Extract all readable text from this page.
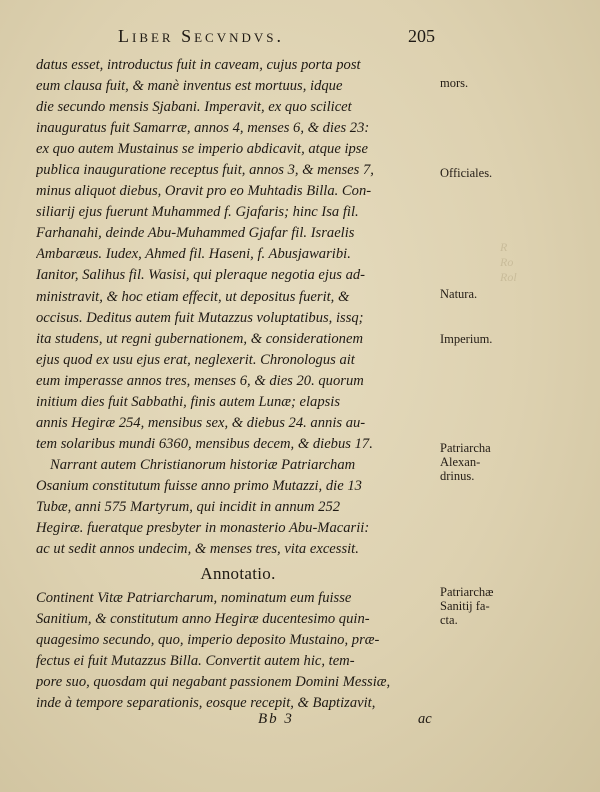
Liber Secvndvs.	205
R
Ro
Rol
datus esset, introductus fuit in caveam, cujus porta post
eum clausa fuit, & manè inventus est mortuus, idque
die secundo mensis Sjabani. Imperavit, ex quo scilicet
inauguratus fuit Samarræ, annos 4, menses 6, & dies 23:
ex quo autem Mustainus se imperio abdicavit, atque ipse
publica inauguratione receptus fuit, annos 3, & menses 7,
minus aliquot diebus, Oravit pro eo Muhtadis Billa. Con-
siliarij ejus fuerunt Muhammed f. Gjafaris; hinc Isa fil.
Farhanahi, deinde Abu-Muhammed Gjafar fil. Israelis
Ambaræus. Iudex, Ahmed fil. Haseni, f. Abusjawaribi.
Ianitor, Salihus fil. Wasisi, qui pleraque negotia ejus ad-
ministravit, & hoc etiam effecit, ut depositus fuerit, &
occisus. Deditus autem fuit Mutazzus voluptatibus, issq;
ita studens, ut regni gubernationem, & considerationem
ejus quod ex usu ejus erat, neglexerit. Chronologus ait
eum imperasse annos tres, menses 6, & dies 20. quorum
initium dies fuit Sabbathi, finis autem Lunæ; elapsis
annis Hegiræ 254, mensibus sex, & diebus 24. annis au-
tem solaribus mundi 6360, mensibus decem, & diebus 17.
Narrant autem Christianorum historiæ Patriarcham
Osanium constitutum fuisse anno primo Mutazzi, die 13
Tubæ, anni 575 Martyrum, qui incidit in annum 252
Hegiræ. fueratque presbyter in monasterio Abu-Macarii:
ac ut sedit annos undecim, & menses tres, vita excessit.
Annotatio.
Continent Vitæ Patriarcharum, nominatum eum fuisse
Sanitium, & constitutum anno Hegiræ ducentesimo quin-
quagesimo secundo, quo, imperio deposito Mustaino, præ-
fectus ei fuit Mutazzus Billa. Convertit autem hic, tem-
pore suo, quosdam qui negabant passionem Domini Messiæ,
inde à tempore separationis, eosque recepit, & Baptizavit,
mors.
Officiales.
Natura.
Imperium.
Patriarcha
Alexan-
drinus.
Patriarchæ
Sanitij fa-
cta.
Bb 3	ac
